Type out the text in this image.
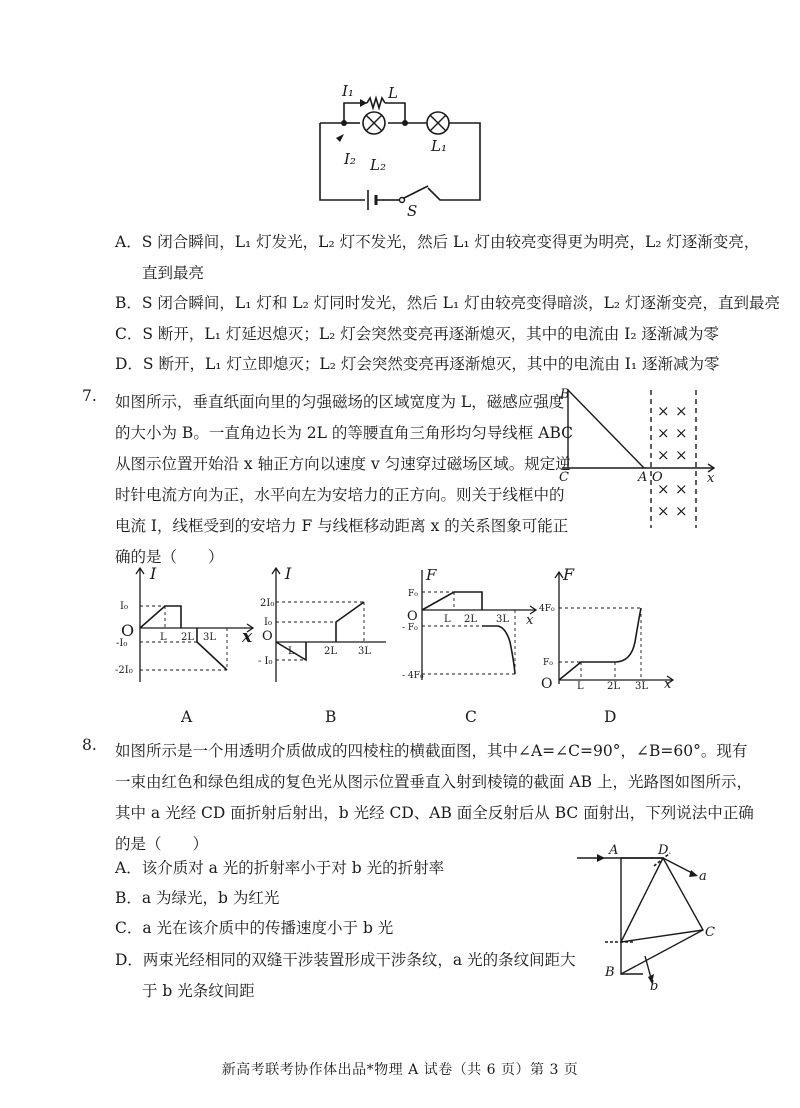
I₁ L
L₁
I₂ L₂
S
A．S 闭合瞬间，L₁ 灯发光，L₂ 灯不发光，然后 L₁ 灯由较亮变得更为明亮，L₂ 灯逐渐变亮，
直到最亮
B．S 闭合瞬间，L₁ 灯和 L₂ 灯同时发光，然后 L₁ 灯由较亮变得暗淡，L₂ 灯逐渐变亮，直到最亮
C．S 断开，L₁ 灯延迟熄灭；L₂ 灯会突然变亮再逐渐熄灭，其中的电流由 I₂ 逐渐减为零
D．S 断开，L₁ 灯立即熄灭；L₂ 灯会突然变亮再逐渐熄灭，其中的电流由 I₁ 逐渐减为零
7. 如图所示，垂直纸面向里的匀强磁场的区域宽度为 L，磁感应强度
的大小为 B。一直角边长为 2L 的等腰直角三角形均匀导线框 ABC
从图示位置开始沿 x 轴正方向以速度 v 匀速穿过磁场区域。规定逆
时针电流方向为正，水平向左为安培力的正方向。则关于线框中的
电流 I，线框受到的安培力 F 与线框移动距离 x 的关系图象可能正
确的是（　　）
B
C	A O	x
× ×
× ×
× ×
× ×
× ×
I
x
O
I₀
-I₀
-2I₀
L 2L 3L
A
I
2I₀
I₀
- I₀
L	2L 3L
O
B
F
x
F₀
- F₀
- 4F₀
L 2L 3L
O
C
F
x
4F₀
F₀
L 2L 3L
O
D
8. 如图所示是一个用透明介质做成的四棱柱的横截面图，其中∠A=∠C=90°，∠B=60°。现有
一束由红色和绿色组成的复色光从图示位置垂直入射到棱镜的截面 AB 上，光路图如图所示，
其中 a 光经 CD 面折射后射出，b 光经 CD、AB 面全反射后从 BC 面射出，下列说法中正确
的是（　　）
A．该介质对 a 光的折射率小于对 b 光的折射率
B．a 为绿光，b 为红光
C．a 光在该介质中的传播速度小于 b 光
D．两束光经相同的双缝干涉装置形成干涉条纹，a 光的条纹间距大
于 b 光条纹间距
A	D
a
C
B
b
新高考联考协作体出品*物理 A 试卷（共 6 页）第 3 页
